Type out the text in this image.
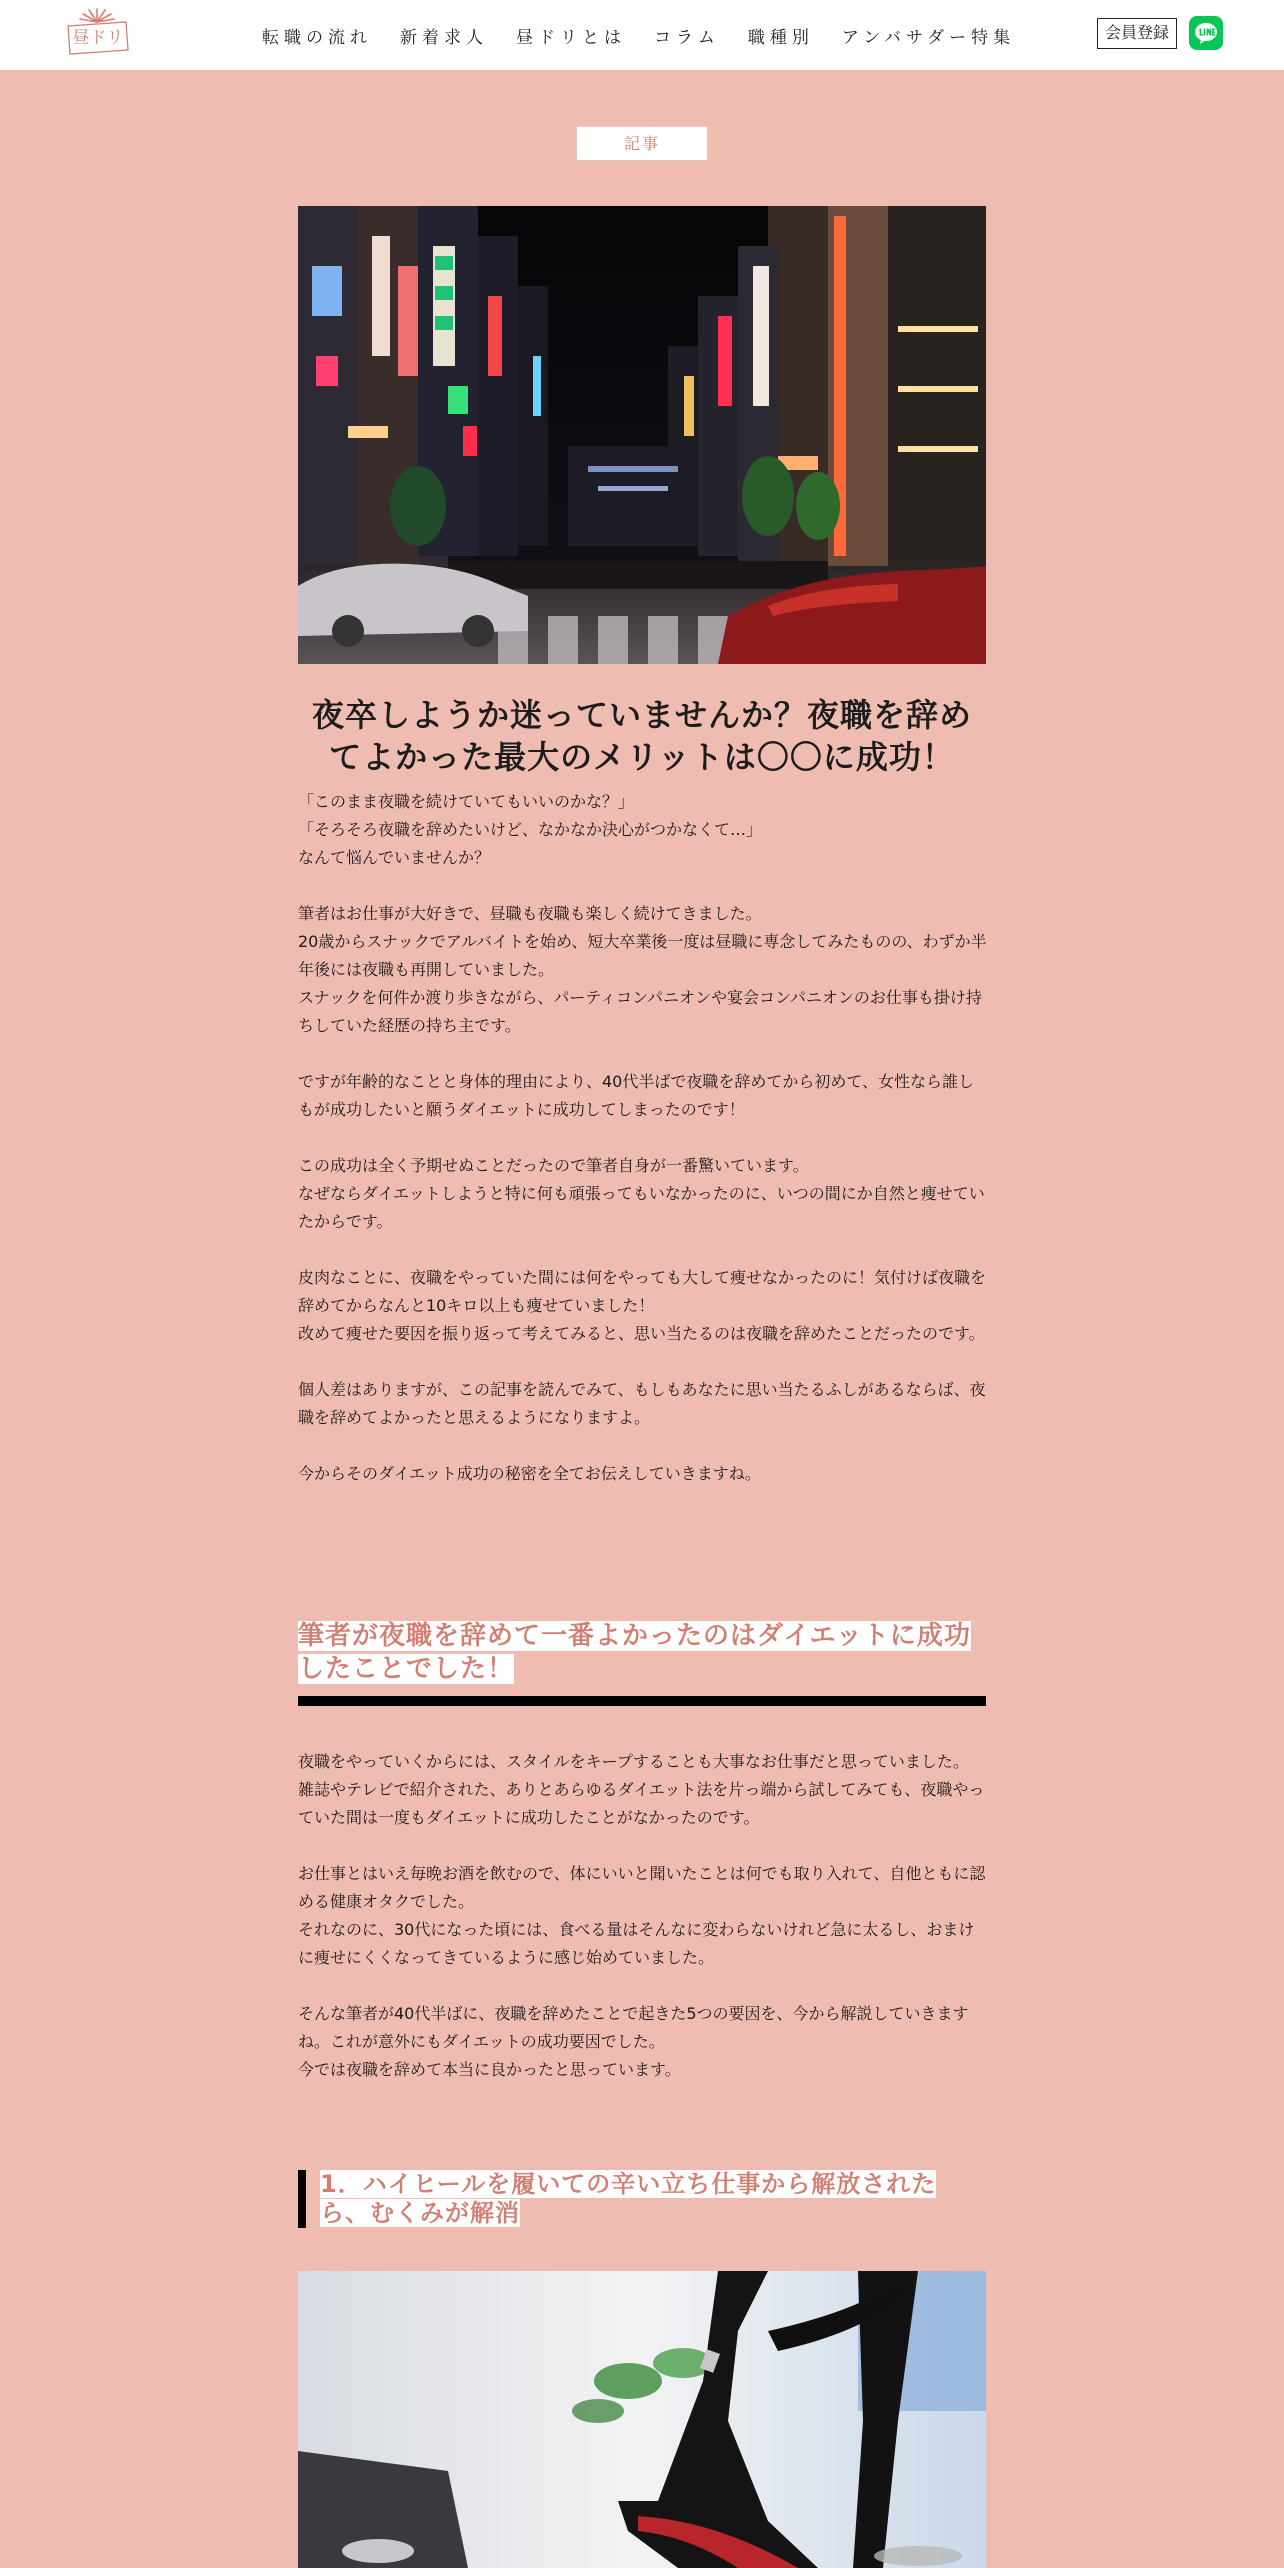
昼ドリ	転職の流れ 新着求人 昼ドリとは コラム 職種別 アンバサダー特集	会員登録
記事
夜卒しようか迷っていませんか？夜職を辞めてよかった最大のメリットは〇〇に成功！

「このまま夜職を続けていてもいいのかな？」
「そろそろ夜職を辞めたいけど、なかなか決心がつかなくて…」
なんて悩んでいませんか？

筆者はお仕事が大好きで、昼職も夜職も楽しく続けてきました。
20歳からスナックでアルバイトを始め、短大卒業後一度は昼職に専念してみたものの、わずか半年後には夜職も再開していました。
スナックを何件か渡り歩きながら、パーティコンパニオンや宴会コンパニオンのお仕事も掛け持ちしていた経歴の持ち主です。

ですが年齢的なことと身体的理由により、40代半ばで夜職を辞めてから初めて、女性なら誰しもが成功したいと願うダイエットに成功してしまったのです！

この成功は全く予期せぬことだったので筆者自身が一番驚いています。
なぜならダイエットしようと特に何も頑張ってもいなかったのに、いつの間にか自然と痩せていたからです。

皮肉なことに、夜職をやっていた間には何をやっても大して痩せなかったのに！気付けば夜職を辞めてからなんと10キロ以上も痩せていました！
改めて痩せた要因を振り返って考えてみると、思い当たるのは夜職を辞めたことだったのです。

個人差はありますが、この記事を読んでみて、もしもあなたに思い当たるふしがあるならば、夜職を辞めてよかったと思えるようになりますよ。

今からそのダイエット成功の秘密を全てお伝えしていきますね。

筆者が夜職を辞めて一番よかったのはダイエットに成功したことでした！

夜職をやっていくからには、スタイルをキープすることも大事なお仕事だと思っていました。
雑誌やテレビで紹介された、ありとあらゆるダイエット法を片っ端から試してみても、夜職やっていた間は一度もダイエットに成功したことがなかったのです。

お仕事とはいえ毎晩お酒を飲むので、体にいいと聞いたことは何でも取り入れて、自他ともに認める健康オタクでした。
それなのに、30代になった頃には、食べる量はそんなに変わらないけれど急に太るし、おまけに痩せにくくなってきているように感じ始めていました。

そんな筆者が40代半ばに、夜職を辞めたことで起きた5つの要因を、今から解説していきますね。これが意外にもダイエットの成功要因でした。
今では夜職を辞めて本当に良かったと思っています。

1．ハイヒールを履いての辛い立ち仕事から解放されたら、むくみが解消
